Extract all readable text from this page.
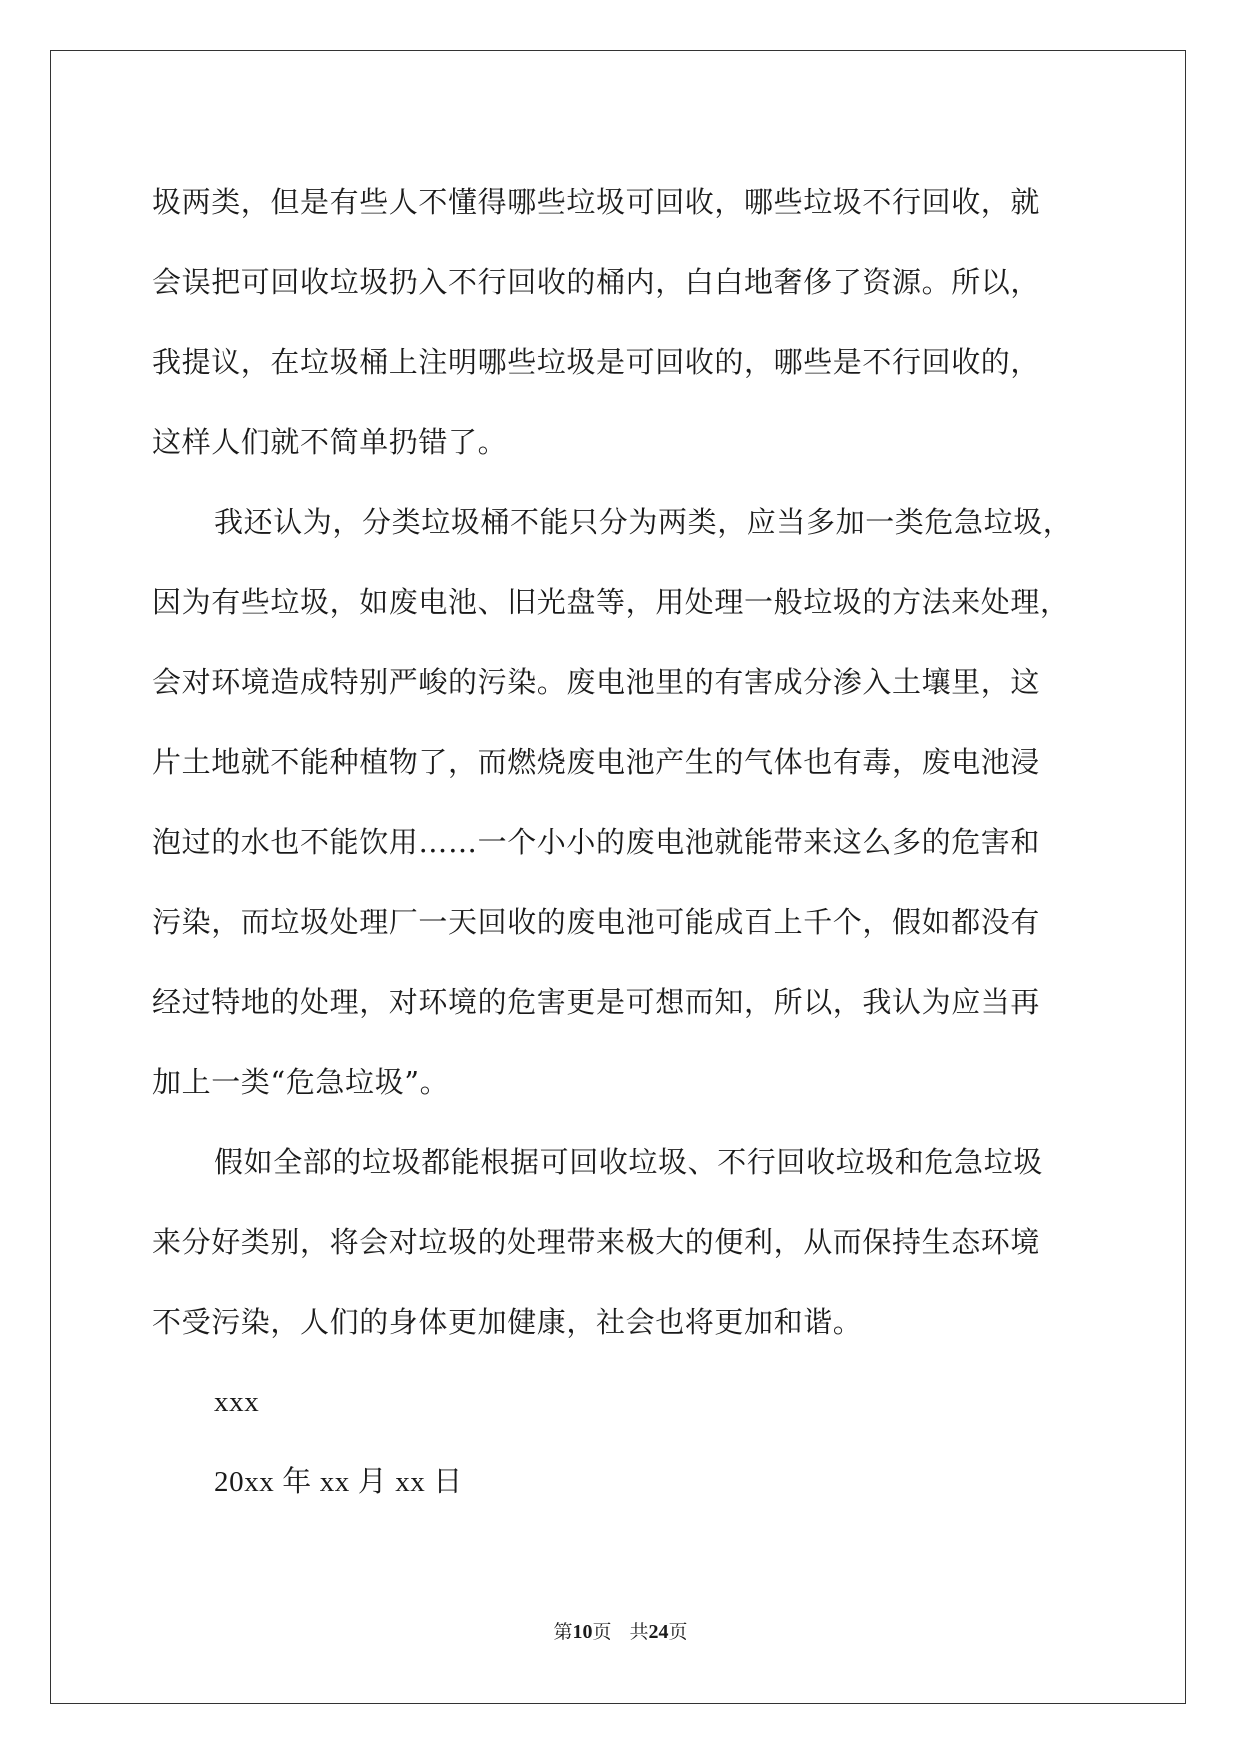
圾两类，但是有些人不懂得哪些垃圾可回收，哪些垃圾不行回收，就
会误把可回收垃圾扔入不行回收的桶内，白白地奢侈了资源。所以，
我提议，在垃圾桶上注明哪些垃圾是可回收的，哪些是不行回收的，
这样人们就不简单扔错了。
我还认为，分类垃圾桶不能只分为两类，应当多加一类危急垃圾，
因为有些垃圾，如废电池、旧光盘等，用处理一般垃圾的方法来处理，
会对环境造成特别严峻的污染。废电池里的有害成分渗入土壤里，这
片土地就不能种植物了，而燃烧废电池产生的气体也有毒，废电池浸
泡过的水也不能饮用……一个小小的废电池就能带来这么多的危害和
污染，而垃圾处理厂一天回收的废电池可能成百上千个，假如都没有
经过特地的处理，对环境的危害更是可想而知，所以，我认为应当再
加上一类“危急垃圾”。
假如全部的垃圾都能根据可回收垃圾、不行回收垃圾和危急垃圾
来分好类别，将会对垃圾的处理带来极大的便利，从而保持生态环境
不受污染，人们的身体更加健康，社会也将更加和谐。
xxx
20xx 年 xx 月 xx 日
第10页 共24页
